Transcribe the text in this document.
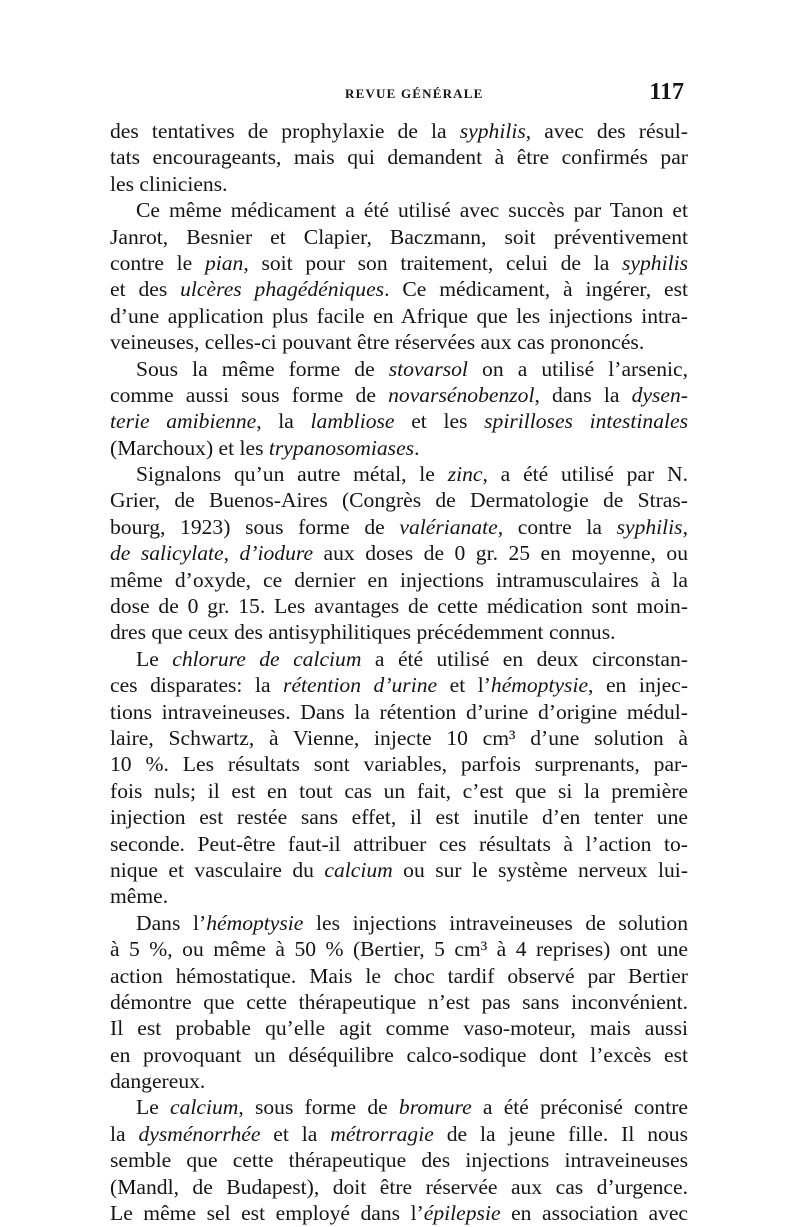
REVUE GÉNÉRALE	117
des tentatives de prophylaxie de la syphilis, avec des résul-
tats encourageants, mais qui demandent à être confirmés par
les cliniciens.
Ce même médicament a été utilisé avec succès par Tanon et
Janrot, Besnier et Clapier, Baczmann, soit préventivement
contre le pian, soit pour son traitement, celui de la syphilis
et des ulcères phagédéniques. Ce médicament, à ingérer, est
d’une application plus facile en Afrique que les injections intra-
veineuses, celles-ci pouvant être réservées aux cas prononcés.
Sous la même forme de stovarsol on a utilisé l’arsenic,
comme aussi sous forme de novarsénobenzol, dans la dysen-
terie amibienne, la lambliose et les spirilloses intestinales
(Marchoux) et les trypanosomiases.
Signalons qu’un autre métal, le zinc, a été utilisé par N.
Grier, de Buenos-Aires (Congrès de Dermatologie de Stras-
bourg, 1923) sous forme de valérianate, contre la syphilis,
de salicylate, d’iodure aux doses de 0 gr. 25 en moyenne, ou
même d’oxyde, ce dernier en injections intramusculaires à la
dose de 0 gr. 15. Les avantages de cette médication sont moin-
dres que ceux des antisyphilitiques précédemment connus.
Le chlorure de calcium a été utilisé en deux circonstan-
ces disparates: la rétention d’urine et l’hémoptysie, en injec-
tions intraveineuses. Dans la rétention d’urine d’origine médul-
laire, Schwartz, à Vienne, injecte 10 cm³ d’une solution à
10 %. Les résultats sont variables, parfois surprenants, par-
fois nuls; il est en tout cas un fait, c’est que si la première
injection est restée sans effet, il est inutile d’en tenter une
seconde. Peut-être faut-il attribuer ces résultats à l’action to-
nique et vasculaire du calcium ou sur le système nerveux lui-
même.
Dans l’hémoptysie les injections intraveineuses de solution
à 5 %, ou même à 50 % (Bertier, 5 cm³ à 4 reprises) ont une
action hémostatique. Mais le choc tardif observé par Bertier
démontre que cette thérapeutique n’est pas sans inconvénient.
Il est probable qu’elle agit comme vaso-moteur, mais aussi
en provoquant un déséquilibre calco-sodique dont l’excès est
dangereux.
Le calcium, sous forme de bromure a été préconisé contre
la dysménorrhée et la métrorragie de la jeune fille. Il nous
semble que cette thérapeutique des injections intraveineuses
(Mandl, de Budapest), doit être réservée aux cas d’urgence.
Le même sel est employé dans l’épilepsie en association avec
